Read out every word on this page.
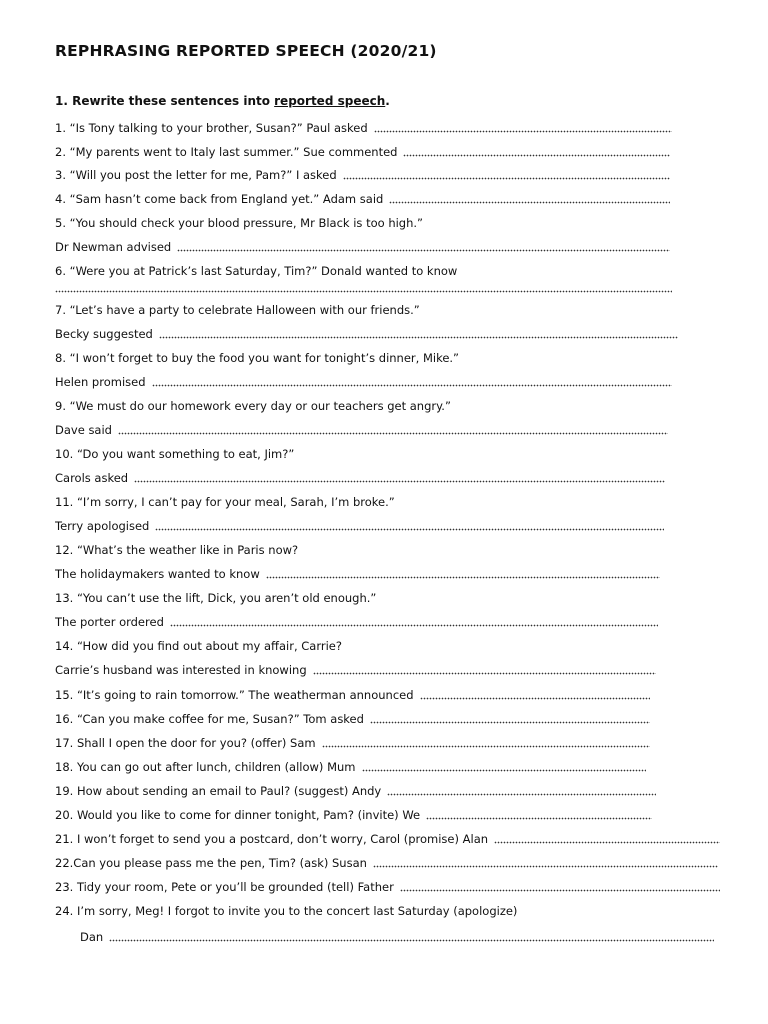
REPHRASING REPORTED SPEECH (2020/21)

1. Rewrite these sentences into reported speech.

1. “Is Tony talking to your brother, Susan?” Paul asked
2. “My parents went to Italy last summer.” Sue commented
3. “Will you post the letter for me, Pam?” I asked
4. “Sam hasn’t come back from England yet.” Adam said
5. “You should check your blood pressure, Mr Black is too high.”
Dr Newman advised
6. “Were you at Patrick’s last Saturday, Tim?” Donald wanted to know
7. “Let’s have a party to celebrate Halloween with our friends.”
Becky suggested
8. “I won’t forget to buy the food you want for tonight’s dinner, Mike.”
Helen promised
9. “We must do our homework every day or our teachers get angry.”
Dave said
10. “Do you want something to eat, Jim?”
Carols asked
11. “I’m sorry, I can’t pay for your meal, Sarah, I’m broke.”
Terry apologised
12. “What’s the weather like in Paris now?
The holidaymakers wanted to know
13. “You can’t use the lift, Dick, you aren’t old enough.”
The porter ordered
14. “How did you find out about my affair, Carrie?
Carrie’s husband was interested in knowing
15. “It’s going to rain tomorrow.” The weatherman announced
16. “Can you make coffee for me, Susan?” Tom asked
17. Shall I open the door for you? (offer) Sam
18. You can go out after lunch, children (allow) Mum
19. How about sending an email to Paul? (suggest) Andy
20. Would you like to come for dinner tonight, Pam? (invite) We
21. I won’t forget to send you a postcard, don’t worry, Carol (promise) Alan
22.Can you please pass me the pen, Tim? (ask) Susan
23. Tidy your room, Pete or you’ll be grounded (tell) Father
24. I’m sorry, Meg! I forgot to invite you to the concert last Saturday (apologize)
Dan
